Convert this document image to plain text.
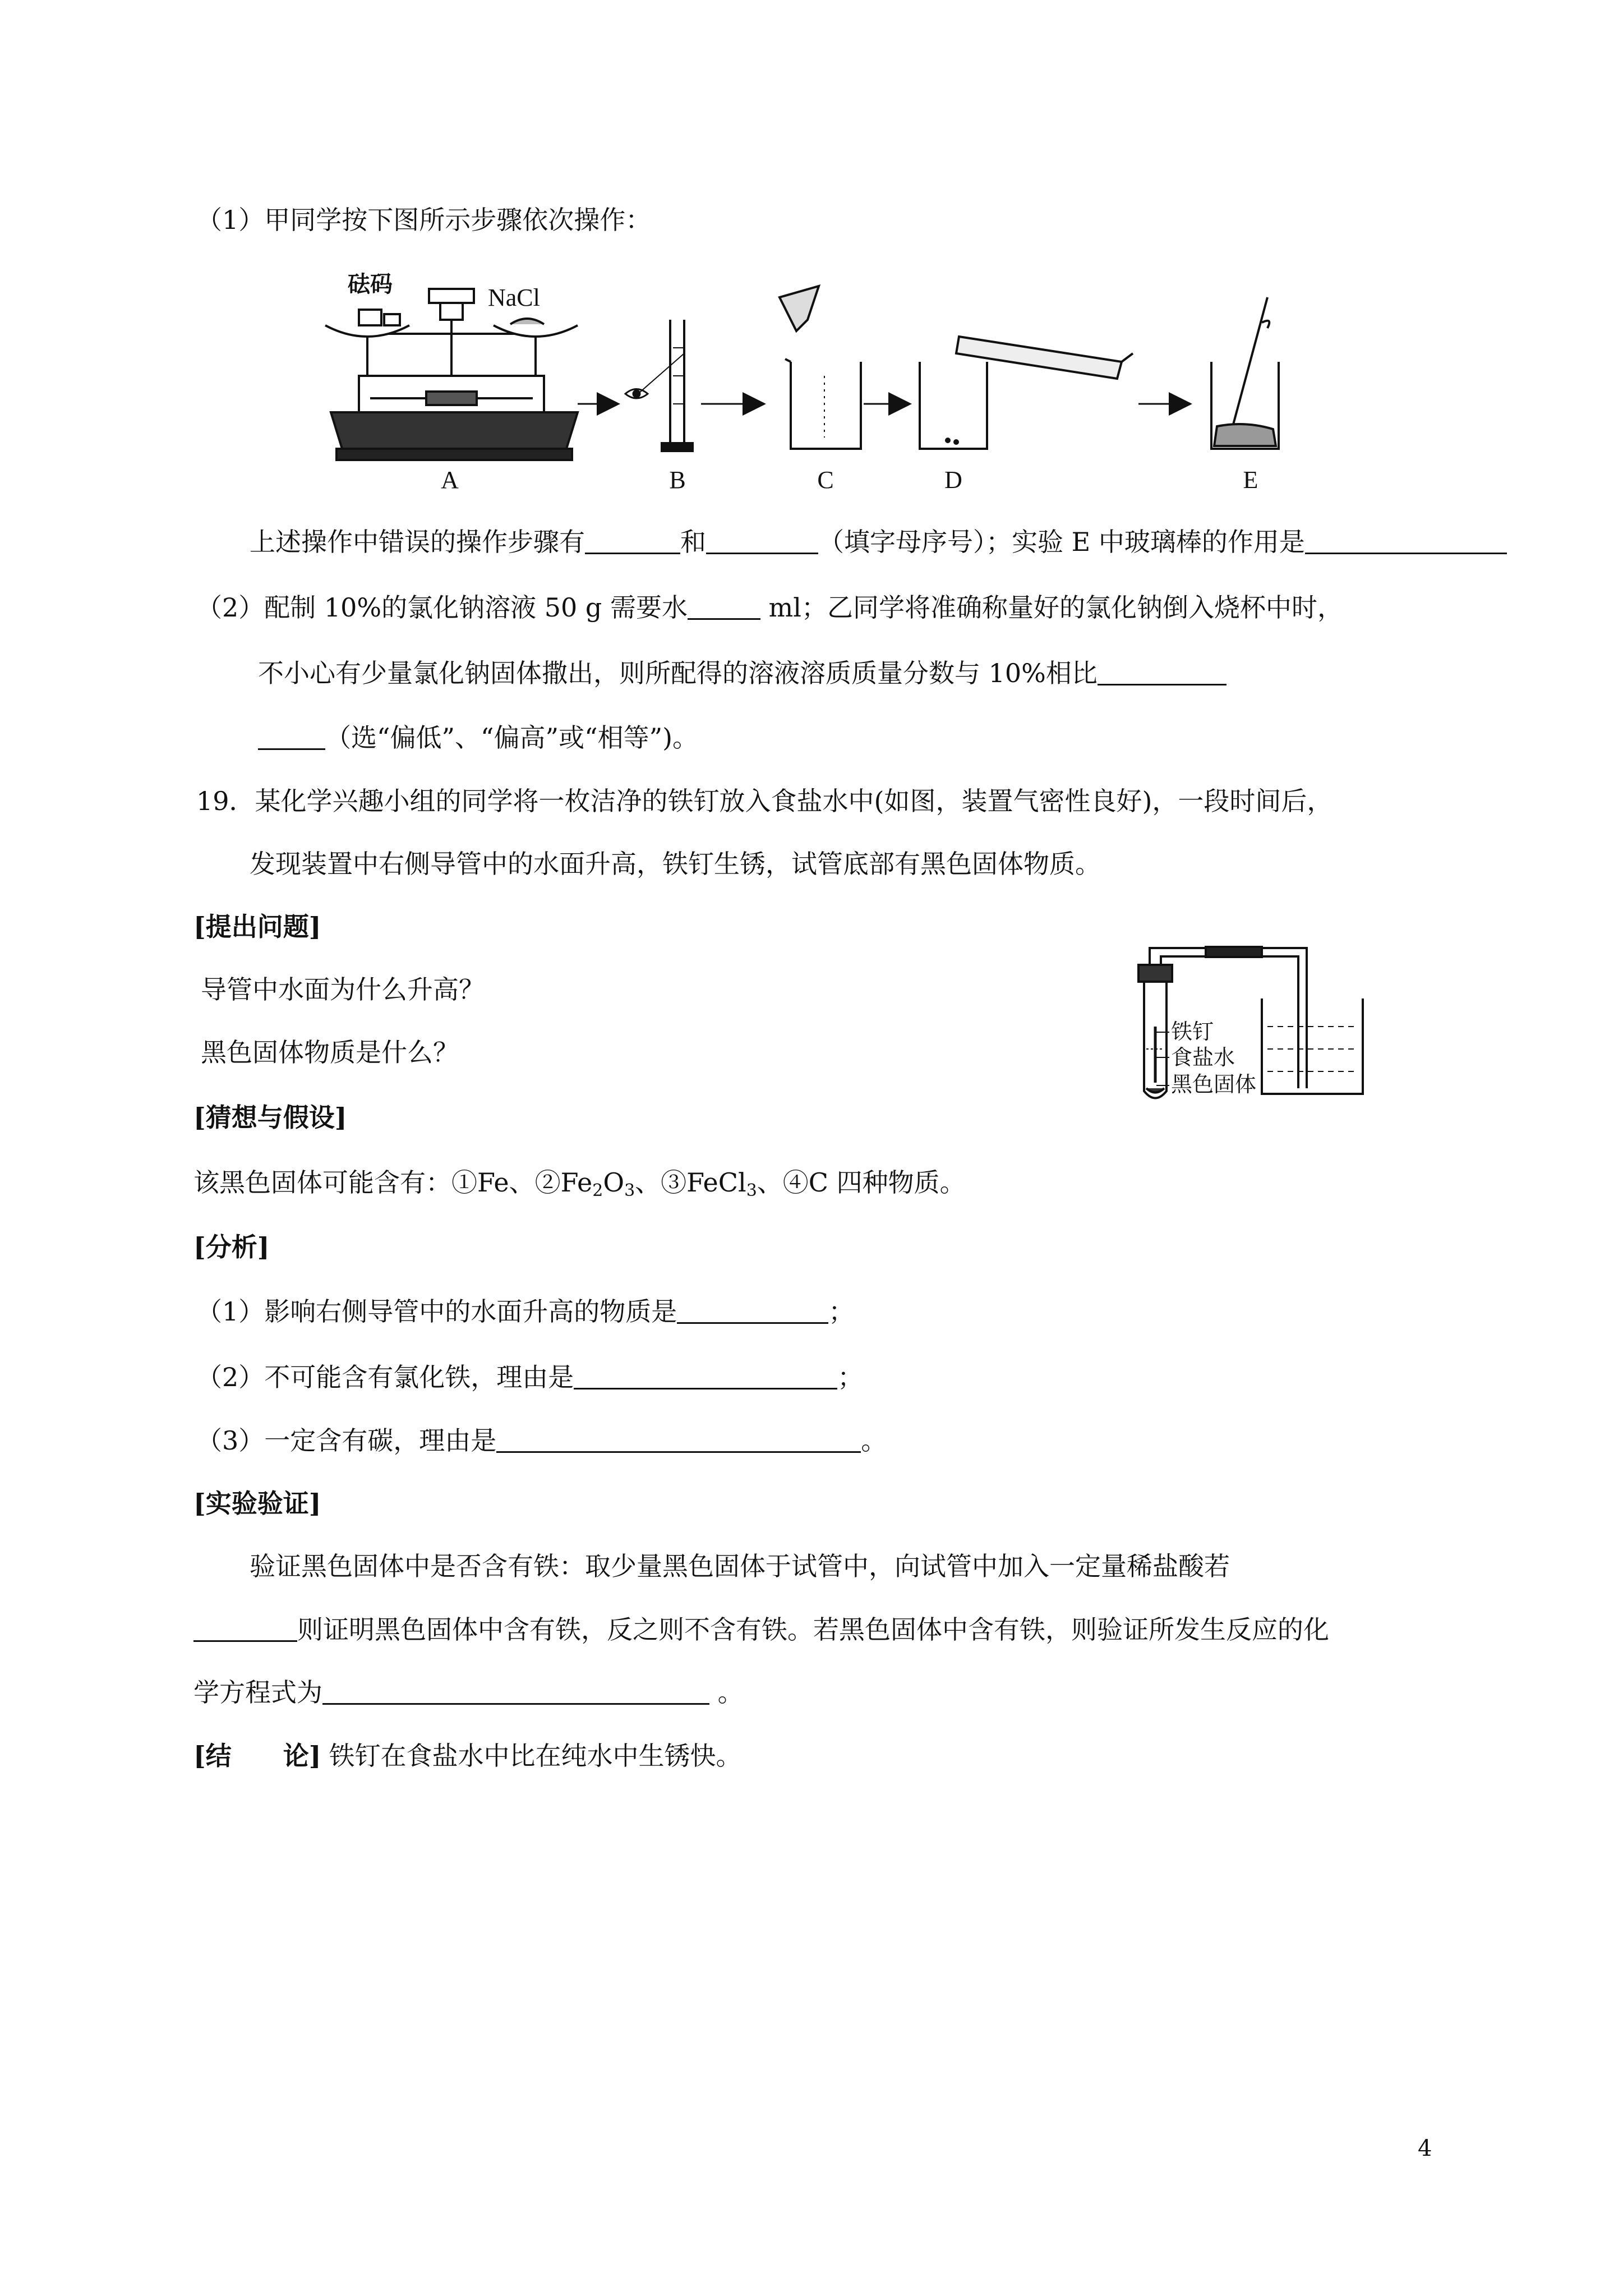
（1）甲同学按下图所示步骤依次操作：
砝码	NaCl
A	B	C	D	E
上述操作中错误的操作步骤有	和	（填字母序号）；实验 E 中玻璃棒的作用是
（2）配制 10%的氯化钠溶液 50 g 需要水	ml；乙同学将准确称量好的氯化钠倒入烧杯中时，
不小心有少量氯化钠固体撒出，则所配得的溶液溶质质量分数与 10%相比
（选“偏低”、“偏高”或“相等”)。
19．某化学兴趣小组的同学将一枚洁净的铁钉放入食盐水中(如图，装置气密性良好)，一段时间后，
发现装置中右侧导管中的水面升高，铁钉生锈，试管底部有黑色固体物质。
[提出问题]
导管中水面为什么升高？
黑色固体物质是什么？
[猜想与假设]
铁钉
食盐水
黑色固体
该黑色固体可能含有：①Fe、$②Fe_2O_3$、③FeCl$_3$、④C 四种物质。
[分析]
（1）影响右侧导管中的水面升高的物质是	；
（2）不可能含有氯化铁，理由是	；
（3）一定含有碳，理由是	。
[实验验证]
验证黑色固体中是否含有铁：取少量黑色固体于试管中，向试管中加入一定量稀盐酸若
则证明黑色固体中含有铁，反之则不含有铁。若黑色固体中含有铁，则验证所发生反应的化
学方程式为	。
[结　　论] 铁钉在食盐水中比在纯水中生锈快。
4
